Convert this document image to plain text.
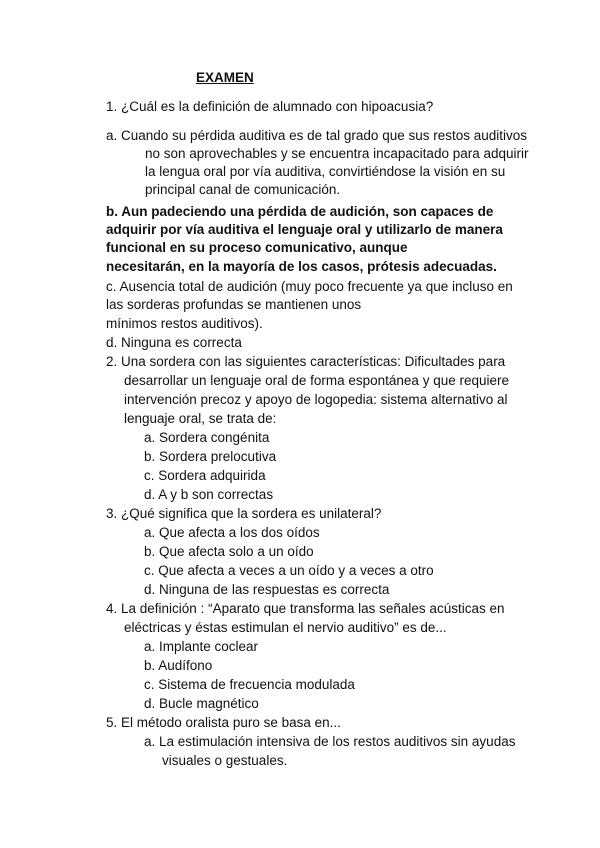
EXAMEN
1. ¿Cuál es la definición de alumnado con hipoacusia?
a. Cuando su pérdida auditiva es de tal grado que sus restos auditivos
no son aprovechables y se encuentra incapacitado para adquirir
la lengua oral por vía auditiva, convirtiéndose la visión en su
principal canal de comunicación.
b. Aun padeciendo una pérdida de audición, son capaces de
adquirir por vía auditiva el lenguaje oral y utilizarlo de manera
funcional en su proceso comunicativo, aunque
necesitarán, en la mayoría de los casos, prótesis adecuadas.
c. Ausencia total de audición (muy poco frecuente ya que incluso en
las sorderas profundas se mantienen unos
mínimos restos auditivos).
d. Ninguna es correcta
2. Una sordera con las siguientes características: Dificultades para
desarrollar un lenguaje oral de forma espontánea y que requiere
intervención precoz y apoyo de logopedia: sistema alternativo al
lenguaje oral, se trata de:
a. Sordera congénita
b. Sordera prelocutiva
c. Sordera adquirida
d. A y b son correctas
3. ¿Qué significa que la sordera es unilateral?
a. Que afecta a los dos oídos
b. Que afecta solo a un oído
c. Que afecta a veces a un oído y a veces a otro
d. Ninguna de las respuestas es correcta
4. La definición : “Aparato que transforma las señales acústicas en
eléctricas y éstas estimulan el nervio auditivo” es de...
a. Implante coclear
b. Audífono
c. Sistema de frecuencia modulada
d. Bucle magnético
5. El método oralista puro se basa en...
a. La estimulación intensiva de los restos auditivos sin ayudas
visuales o gestuales.
